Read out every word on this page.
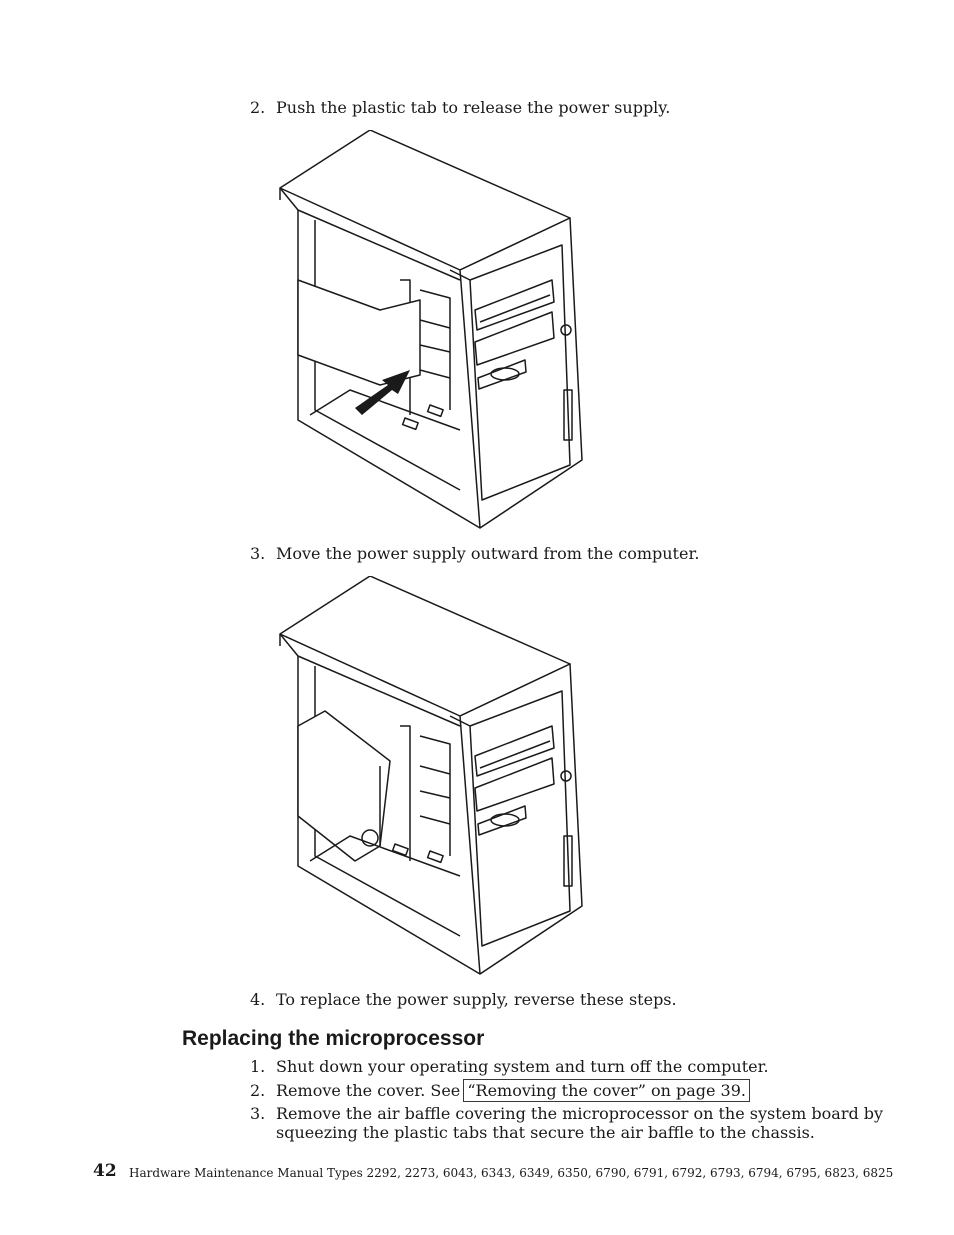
2. Push the plastic tab to release the power supply.
3. Move the power supply outward from the computer.
4. To replace the power supply, reverse these steps.
Replacing the microprocessor
1. Shut down your operating system and turn off the computer.
2. Remove the cover. See “Removing the cover” on page 39.
3. Remove the air baffle covering the microprocessor on the system board by
squeezing the plastic tabs that secure the air baffle to the chassis.
42 Hardware Maintenance Manual Types 2292, 2273, 6043, 6343, 6349, 6350, 6790, 6791, 6792, 6793, 6794, 6795, 6823, 6825
